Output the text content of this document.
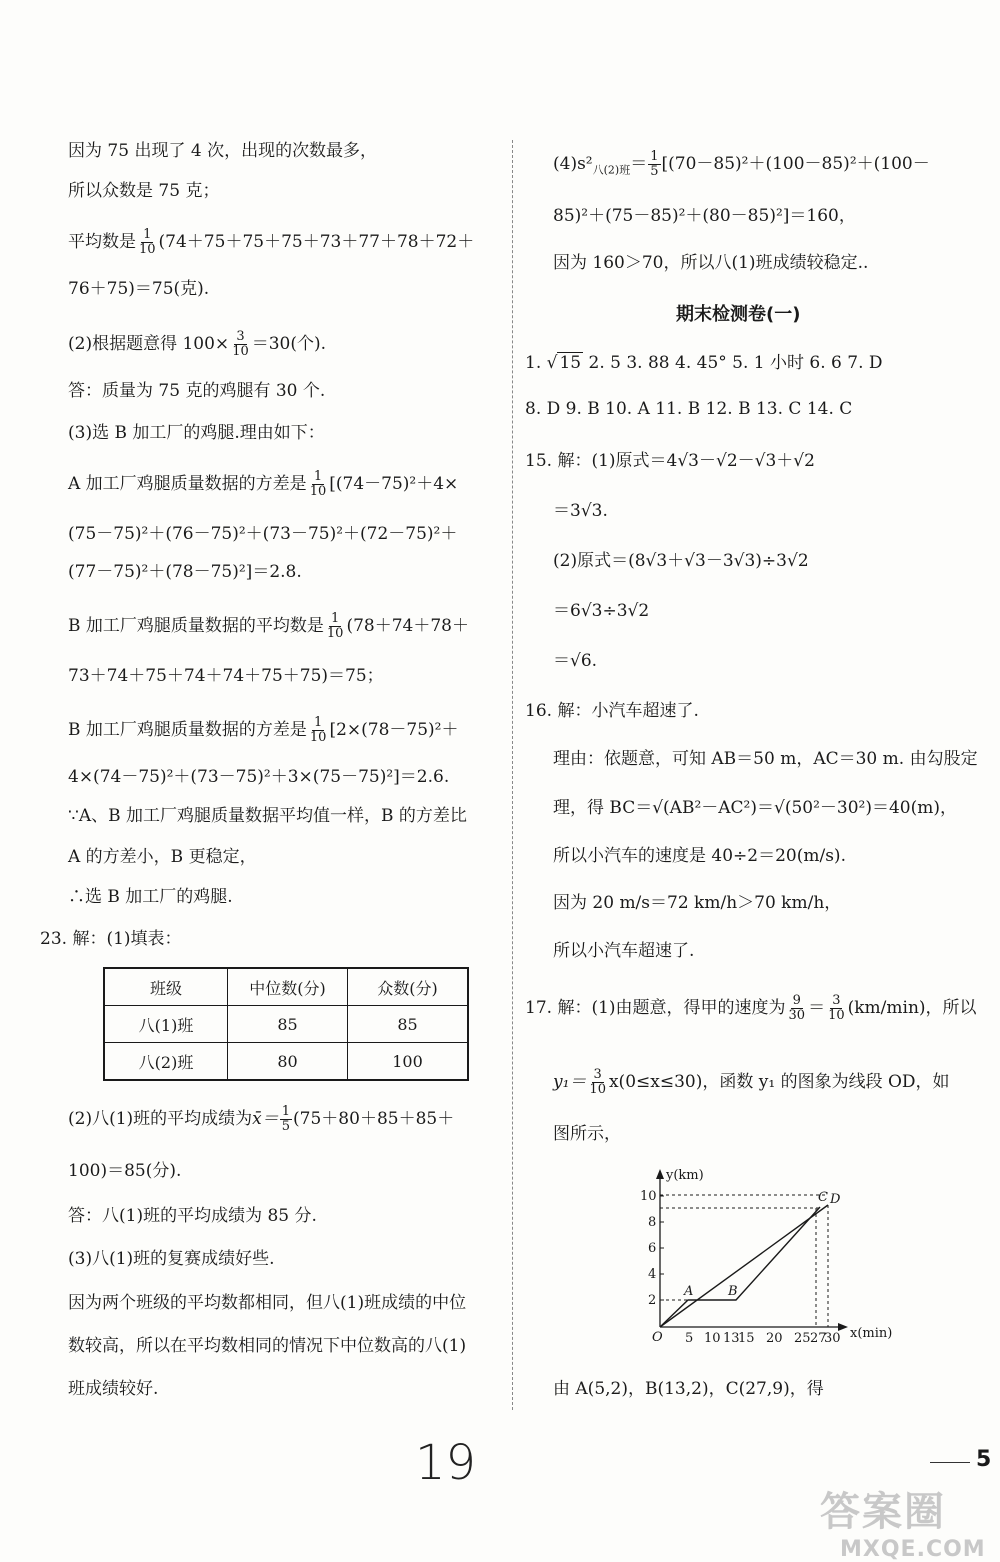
因为 75 出现了 4 次，出现的次数最多，
所以众数是 75 克；
平均数是 $\frac{1}{10} (74+75+75+75+73+77+78+72+$
76＋75)＝75(克).
(2)根据题意得 $100\times \frac{3}{10} =30$(个).
答：质量为 75 克的鸡腿有 30 个.
(3)选 B 加工厂的鸡腿.理由如下：
A 加工厂鸡腿质量数据的方差是 $\frac{1}{10} [(74-75)^2+4\times$
(75－75)²＋(76－75)²＋(73－75)²＋(72－75)²＋
(77－75)²＋(78－75)²]＝2.8.
B 加工厂鸡腿质量数据的平均数是 $\frac{1}{10} (78+74+78+$
73＋74＋75＋74＋74＋75＋75)＝75；
B 加工厂鸡腿质量数据的方差是 $\frac{1}{10} [2\times(78-75)^2+$
4×(74－75)²＋(73－75)²＋3×(75－75)²]＝2.6.
∵A、B 加工厂鸡腿质量数据平均值一样，B 的方差比
A 的方差小，B 更稳定，
∴选 B 加工厂的鸡腿.
23. 解：(1)填表：
班级	中位数(分)	众数(分)
八(1)班	85	85
八(2)班	80	100
(2)八(1)班的平均成绩为x̄＝ $\frac{1}{5} (75+80+85+85+$
100)＝85(分).
答：八(1)班的平均成绩为 85 分.
(3)八(1)班的复赛成绩好些.
因为两个班级的平均数都相同，但八(1)班成绩的中位
数较高，所以在平均数相同的情况下中位数高的八(1)
班成绩较好.
$(4)s^2_{八(2)班}= \frac{1}{5} [(70-85)^2+(100-85)^2+(100-$
85)²＋(75－85)²＋(80－85)²]＝160，
因为 160＞70，所以八(1)班成绩较稳定..
期末检测卷(一)
1. √ 15 2. 5 3. 88 4. 45° 5. 1 小时 6. 6 7. D
8. D 9. B 10. A 11. B 12. B 13. C 14. C
15. 解：(1)原式＝4√3－√2－√3＋√2
＝3√3.
(2)原式＝(8√3＋√3－3√3)÷3√2
＝6√3÷3√2
＝√6.
16. 解：小汽车超速了.
理由：依题意，可知 AB＝50 m，AC＝30 m. 由勾股定
理，得 BC＝√(AB²－AC²)＝√(50²－30²)＝40(m)，
所以小汽车的速度是 40÷2＝20(m/s).
因为 20 m/s＝72 km/h＞70 km/h，
所以小汽车超速了.
17. 解：(1)由题意，得甲的速度为 $\frac{9}{30} = \frac{3}{10} (km/\min)$，所以
$y_1= \frac{3}{10} x(0\le x\le 30)$，函数 y₁ 的图象为线段 OD，如
图所示，
y(km)
x(min)
O
2
4
6
8
10
5 10 13
15 20 25 27
30
A	B
C D
由 A(5,2)，B(13,2)，C(27,9)，得
19	5
答案圈
MXQE.COM
